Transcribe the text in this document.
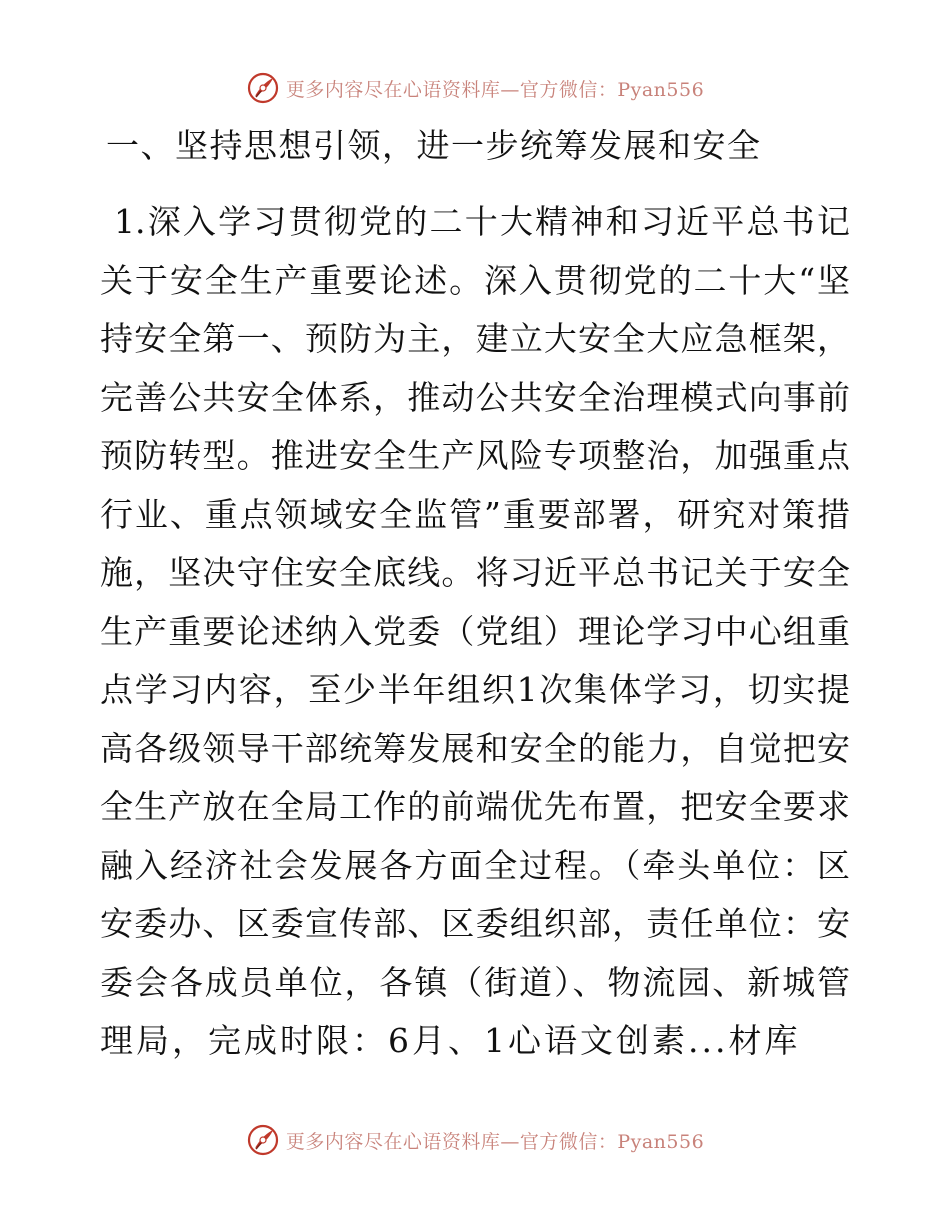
更多内容尽在心语资料库—官方微信：Pyan556
一、坚持思想引领，进一步统筹发展和安全
1.深入学习贯彻党的二十大精神和习近平总书记
关于安全生产重要论述。深入贯彻党的二十大“坚
持安全第一、预防为主，建立大安全大应急框架，
完善公共安全体系，推动公共安全治理模式向事前
预防转型。推进安全生产风险专项整治，加强重点
行业、重点领域安全监管”重要部署，研究对策措
施，坚决守住安全底线。将习近平总书记关于安全
生产重要论述纳入党委（党组）理论学习中心组重
点学习内容，至少半年组织1次集体学习，切实提
高各级领导干部统筹发展和安全的能力，自觉把安
全生产放在全局工作的前端优先布置，把安全要求
融入经济社会发展各方面全过程。（牵头单位：区
安委办、区委宣传部、区委组织部，责任单位：安
委会各成员单位，各镇（街道）、物流园、新城管
理局，完成时限：6月、1心语文创素...材库
更多内容尽在心语资料库—官方微信：Pyan556
